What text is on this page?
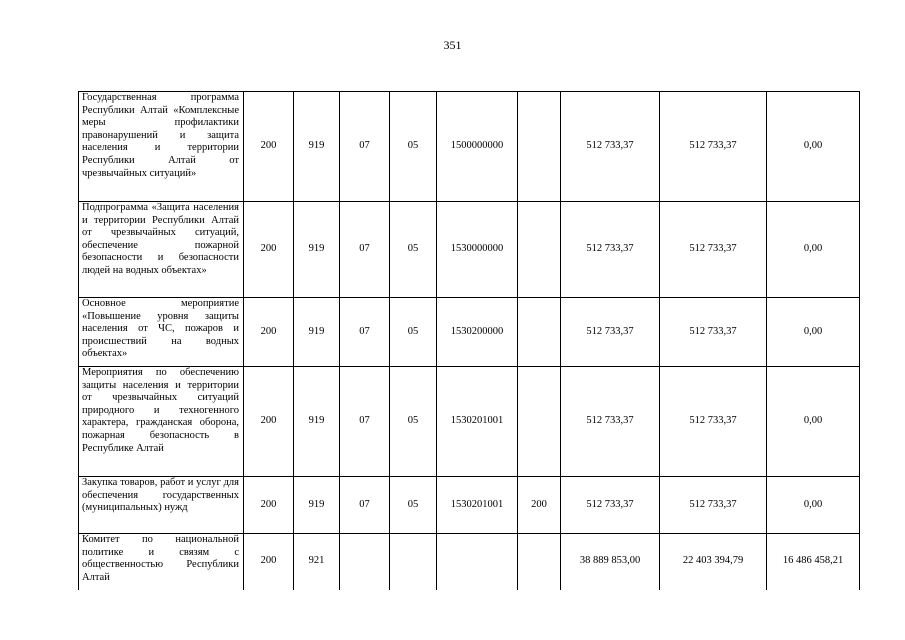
351
Государственная программа Республики Алтай «Комплексные меры профилактики правонарушений и защита населения и территории Республики Алтай от чрезвычайных ситуаций»	200	919	07	05	1500000000		512 733,37	512 733,37	0,00
Подпрограмма «Защита населения и территории Республики Алтай от чрезвычайных ситуаций, обеспечение пожарной безопасности и безопасности людей на водных объектах»	200	919	07	05	1530000000		512 733,37	512 733,37	0,00
Основное мероприятие «Повышение уровня защиты населения от ЧС, пожаров и происшествий на водных объектах»	200	919	07	05	1530200000		512 733,37	512 733,37	0,00
Мероприятия по обеспечению защиты населения и территории от чрезвычайных ситуаций природного и техногенного характера, гражданская оборона, пожарная безопасность в Республике Алтай	200	919	07	05	1530201001		512 733,37	512 733,37	0,00
Закупка товаров, работ и услуг для обеспечения государственных (муниципальных) нужд	200	919	07	05	1530201001	200	512 733,37	512 733,37	0,00
Комитет по национальной политике и связям с общественностью Республики Алтай	200	921					38 889 853,00	22 403 394,79	16 486 458,21
